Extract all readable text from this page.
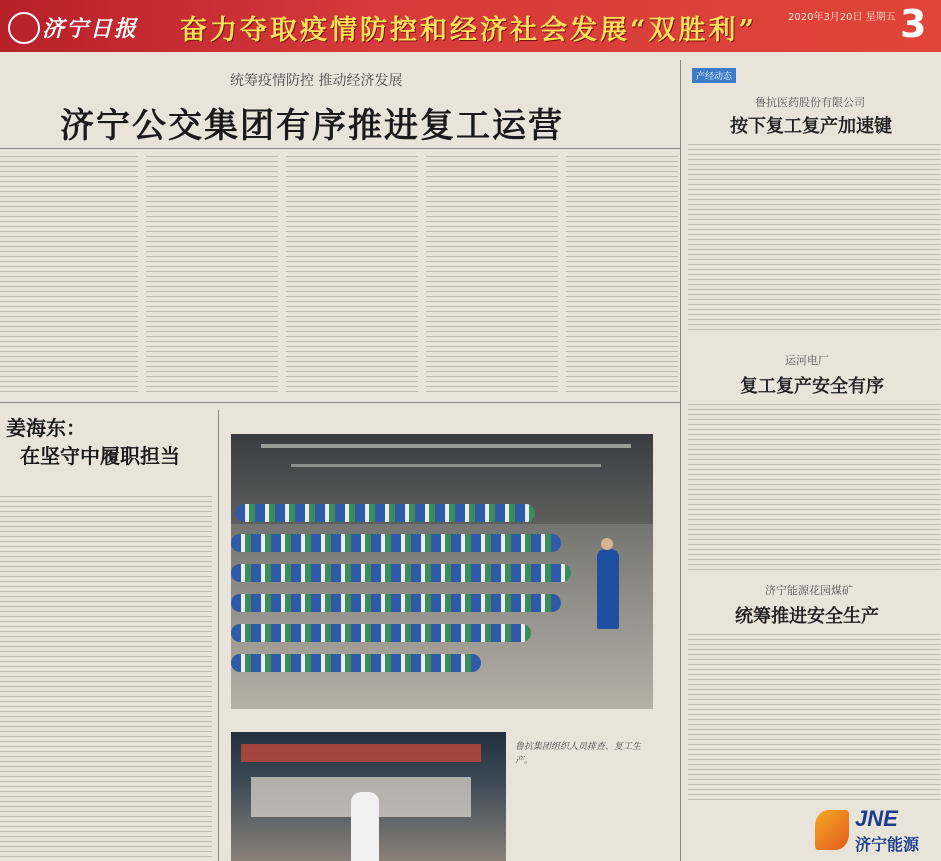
济宁日报 奋力夺取疫情防控和经济社会发展“双胜利”	2020年3月20日 星期五 3
统筹疫情防控 推动经济发展
济宁公交集团有序推进复工运营
姜海东：
在坚守中履职担当
鲁抗集团组织人员排查、复工生产。
产经动态
鲁抗医药股份有限公司
按下复工复产加速键
运河电厂
复工复产安全有序
济宁能源花园煤矿
统筹推进安全生产
JNE
济宁能源
